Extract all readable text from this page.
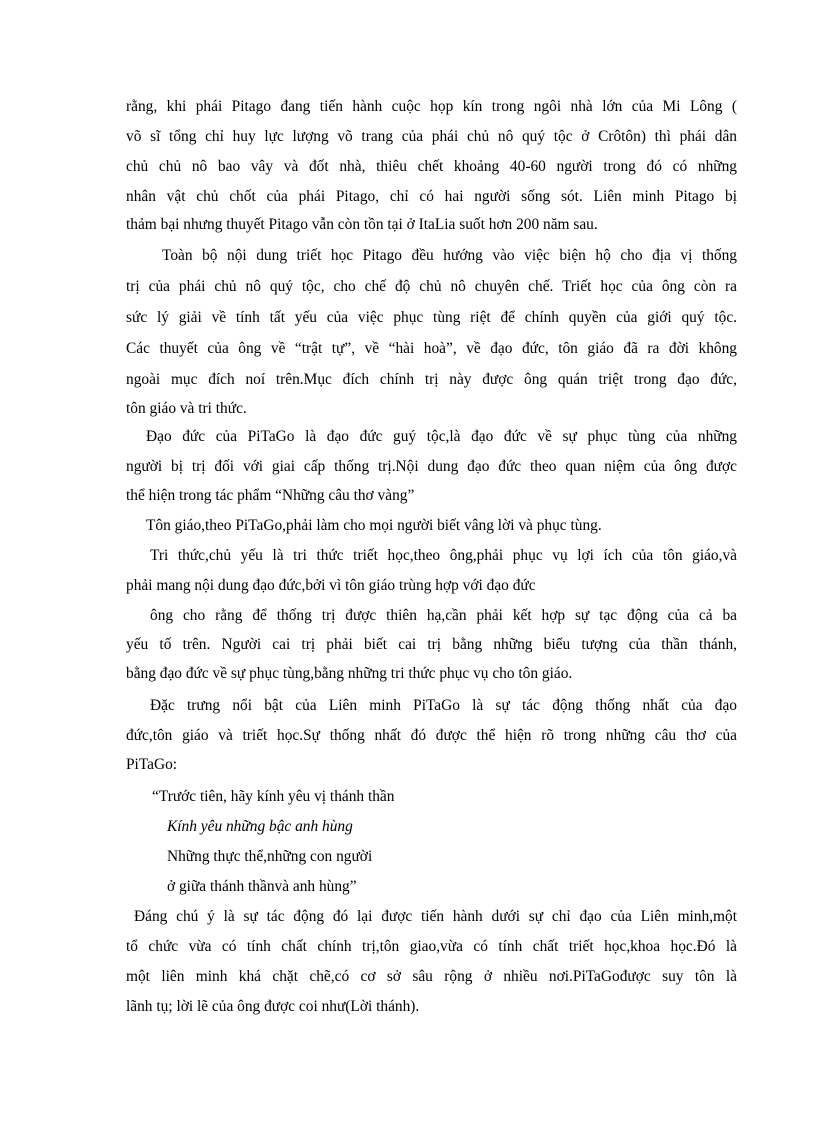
rằng, khi phái Pitago đang tiến hành cuộc họp kín trong ngôi nhà lớn của Mi Lông (
võ sĩ tổng chỉ huy lực lượng võ trang của phái chủ nô quý tộc ở Crôtôn) thì phái dân
chủ chủ nô bao vây và đốt nhà, thiêu chết khoảng 40-60 người trong đó có những
nhân vật chủ chốt của phái Pitago, chỉ có hai người sống sót. Liên minh Pitago bị
thảm bại nhưng thuyết Pitago vẫn còn tồn tại ở ItaLia suốt hơn 200 năm sau.
Toàn bộ nội dung triết học Pitago đều hướng vào việc biện hộ cho địa vị thống
trị của phái chủ nô quý tộc, cho chế độ chủ nô chuyên chế. Triết học của ông còn ra
sức lý giải về tính tất yếu của việc phục tùng riệt để chính quyền của giới quý tộc.
Các thuyết của ông về “trật tự”, về “hài hoà”, về đạo đức, tôn giáo đã ra đời không
ngoài mục đích noí trên.Mục đích chính trị này được ông quán triệt trong đạo đức,
tôn giáo và tri thức.
Đạo đức của PiTaGo là đạo đức guý tộc,là đạo đức về sự phục tùng của những
người bị trị đối với giai cấp thống trị.Nội dung đạo đức theo quan niệm của ông được
thể hiện trong tác phẩm “Những câu thơ vàng”
Tôn giáo,theo PiTaGo,phải làm cho mọi người biết vâng lời và phục tùng.
Tri thức,chủ yếu là tri thức triết học,theo ông,phải phục vụ lợi ích của tôn giáo,và
phải mang nội dung đạo đức,bởi vì tôn giáo trùng hợp với đạo đức
ông cho rằng để thống trị được thiên hạ,cần phải kết hợp sự tạc động của cả ba
yếu tố trên. Người cai trị phải biết cai trị bằng những biểu tượng của thần thánh,
bằng đạo đức về sự phục tùng,bằng những tri thức phục vụ cho tôn giáo.
Đặc trưng nổi bật của Liên minh PiTaGo là sự tác động thống nhất của đạo
đức,tôn giáo và triết học.Sự thống nhất đó được thể hiện rõ trong những câu thơ của
PiTaGo:
“Trước tiên, hãy kính yêu vị thánh thần
Kính yêu những bậc anh hùng
Những thực thể,những con người
ở giữa thánh thầnvà anh hùng”
Đáng chú ý là sự tác động đó lại được tiến hành dưới sự chỉ đạo của Liên minh,một
tổ chức vừa có tính chất chính trị,tôn giao,vừa có tính chất triết học,khoa học.Đó là
một liên minh khá chặt chẽ,có cơ sở sâu rộng ở nhiều nơi.PiTaGođược suy tôn là
lãnh tụ; lời lẽ của ông được coi như(Lời thánh).
